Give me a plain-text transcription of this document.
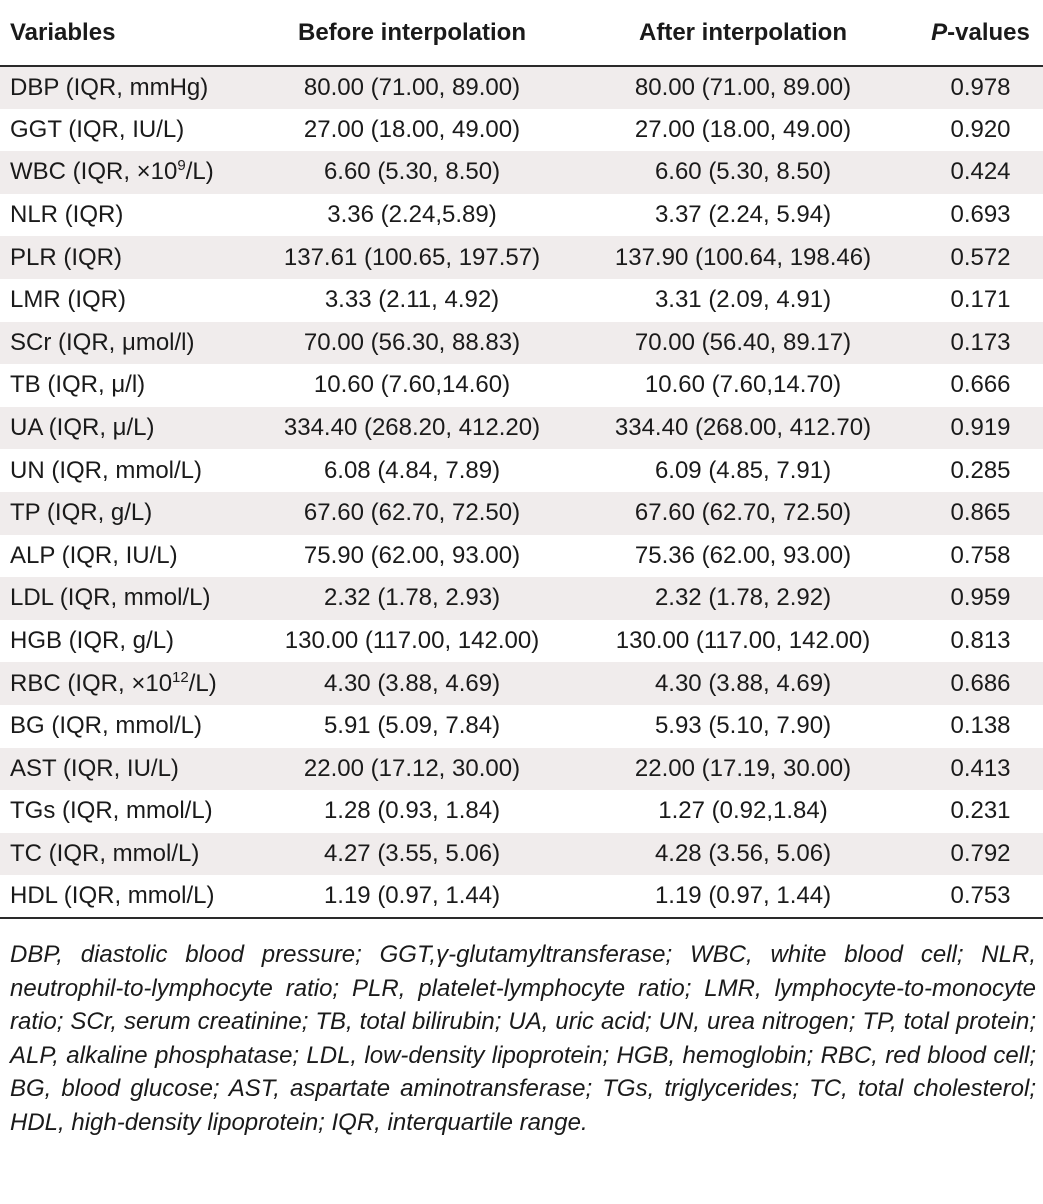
Variables	Before interpolation	After interpolation	P-values
DBP (IQR, mmHg)	80.00 (71.00, 89.00)	80.00 (71.00, 89.00)	0.978
GGT (IQR, IU/L)	27.00 (18.00, 49.00)	27.00 (18.00, 49.00)	0.920
WBC (IQR, $\times 10^9/L$)	6.60 (5.30, 8.50)	6.60 (5.30, 8.50)	0.424
NLR (IQR)	3.36 (2.24,5.89)	3.37 (2.24, 5.94)	0.693
PLR (IQR)	137.61 (100.65, 197.57)	137.90 (100.64, 198.46)	0.572
LMR (IQR)	3.33 (2.11, 4.92)	3.31 (2.09, 4.91)	0.171
SCr (IQR, μmol/l)	70.00 (56.30, 88.83)	70.00 (56.40, 89.17)	0.173
TB (IQR, μ/l)	10.60 (7.60,14.60)	10.60 (7.60,14.70)	0.666
UA (IQR, μ/L)	334.40 (268.20, 412.20)	334.40 (268.00, 412.70)	0.919
UN (IQR, mmol/L)	6.08 (4.84, 7.89)	6.09 (4.85, 7.91)	0.285
TP (IQR, g/L)	67.60 (62.70, 72.50)	67.60 (62.70, 72.50)	0.865
ALP (IQR, IU/L)	75.90 (62.00, 93.00)	75.36 (62.00, 93.00)	0.758
LDL (IQR, mmol/L)	2.32 (1.78, 2.93)	2.32 (1.78, 2.92)	0.959
HGB (IQR, g/L)	130.00 (117.00, 142.00)	130.00 (117.00, 142.00)	0.813
RBC (IQR, $\times 10^{12}/L$)	4.30 (3.88, 4.69)	4.30 (3.88, 4.69)	0.686
BG (IQR, mmol/L)	5.91 (5.09, 7.84)	5.93 (5.10, 7.90)	0.138
AST (IQR, IU/L)	22.00 (17.12, 30.00)	22.00 (17.19, 30.00)	0.413
TGs (IQR, mmol/L)	1.28 (0.93, 1.84)	1.27 (0.92,1.84)	0.231
TC (IQR, mmol/L)	4.27 (3.55, 5.06)	4.28 (3.56, 5.06)	0.792
HDL (IQR, mmol/L)	1.19 (0.97, 1.44)	1.19 (0.97, 1.44)	0.753
DBP, diastolic blood pressure; GGT,γ-glutamyltransferase; WBC, white blood cell; NLR, neutrophil-to-lymphocyte ratio; PLR, platelet-lymphocyte ratio; LMR, lymphocyte-to-monocyte ratio; SCr, serum creatinine; TB, total bilirubin; UA, uric acid; UN, urea nitrogen; TP, total protein; ALP, alkaline phosphatase; LDL, low-density lipoprotein; HGB, hemoglobin; RBC, red blood cell; BG, blood glucose; AST, aspartate aminotransferase; TGs, triglycerides; TC, total cholesterol; HDL, high-density lipoprotein; IQR, interquartile range.
